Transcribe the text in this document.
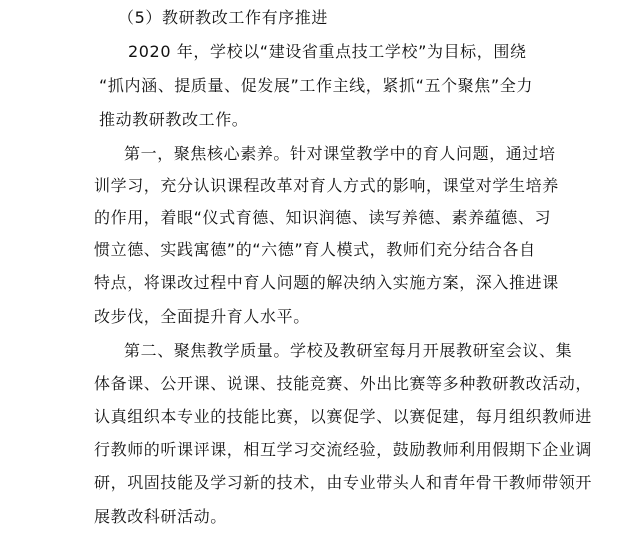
（5）教研教改工作有序推进
2020 年，学校以“建设省重点技工学校”为目标，围绕
“抓内涵、提质量、促发展”工作主线，紧抓“五个聚焦”全力
推动教研教改工作。
第一，聚焦核心素养。针对课堂教学中的育人问题，通过培
训学习，充分认识课程改革对育人方式的影响，课堂对学生培养
的作用，着眼“仪式育德、知识润德、读写养德、素养蕴德、习
惯立德、实践寓德”的“六德”育人模式，教师们充分结合各自
特点，将课改过程中育人问题的解决纳入实施方案，深入推进课
改步伐，全面提升育人水平。
第二、聚焦教学质量。学校及教研室每月开展教研室会议、集
体备课、公开课、说课、技能竞赛、外出比赛等多种教研教改活动，
认真组织本专业的技能比赛，以赛促学、以赛促建，每月组织教师进
行教师的听课评课，相互学习交流经验，鼓励教师利用假期下企业调
研，巩固技能及学习新的技术，由专业带头人和青年骨干教师带领开
展教改科研活动。
